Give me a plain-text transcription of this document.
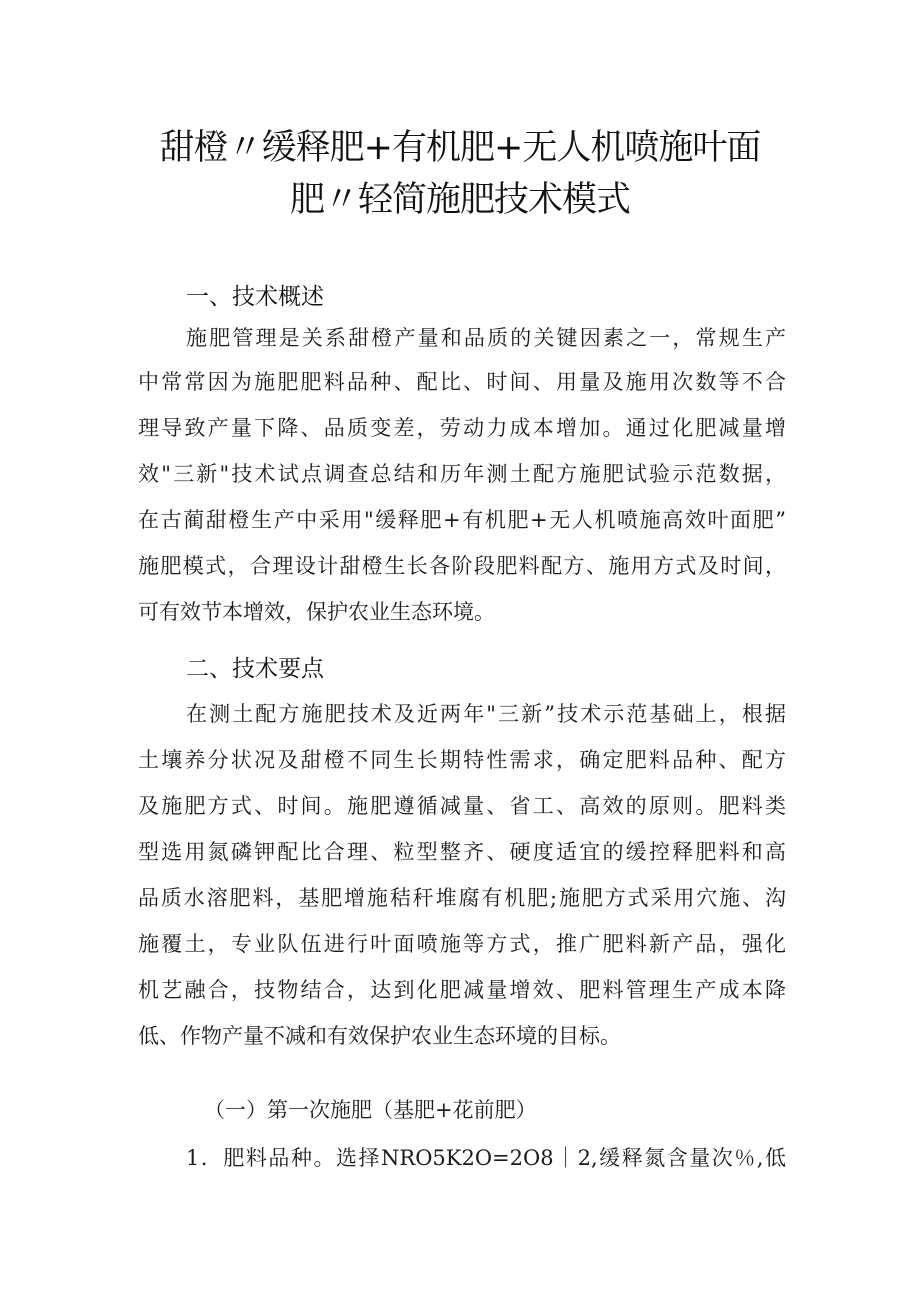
甜橙〃缓释肥+有机肥+无人机喷施叶面
肥〃轻简施肥技术模式
一、技术概述
施肥管理是关系甜橙产量和品质的关键因素之一，常规生产
中常常因为施肥肥料品种、配比、时间、用量及施用次数等不合
理导致产量下降、品质变差，劳动力成本增加。通过化肥减量增
效"三新"技术试点调查总结和历年测土配方施肥试验示范数据，
在古蔺甜橙生产中采用"缓释肥+有机肥+无人机喷施高效叶面肥”
施肥模式，合理设计甜橙生长各阶段肥料配方、施用方式及时间，
可有效节本增效，保护农业生态环境。
二、技术要点
在测土配方施肥技术及近两年"三新”技术示范基础上，根据
土壤养分状况及甜橙不同生长期特性需求，确定肥料品种、配方
及施肥方式、时间。施肥遵循减量、省工、高效的原则。肥料类
型选用氮磷钾配比合理、粒型整齐、硬度适宜的缓控释肥料和高
品质水溶肥料，基肥增施秸秆堆腐有机肥;施肥方式采用穴施、沟
施覆土，专业队伍进行叶面喷施等方式，推广肥料新产品，强化
机艺融合，技物结合，达到化肥减量增效、肥料管理生产成本降
低、作物产量不减和有效保护农业生态环境的目标。
（一）第一次施肥（基肥+花前肥）
1．肥料品种。选择NRO5K2O=2O8｜2,缓释氮含量次％,低
